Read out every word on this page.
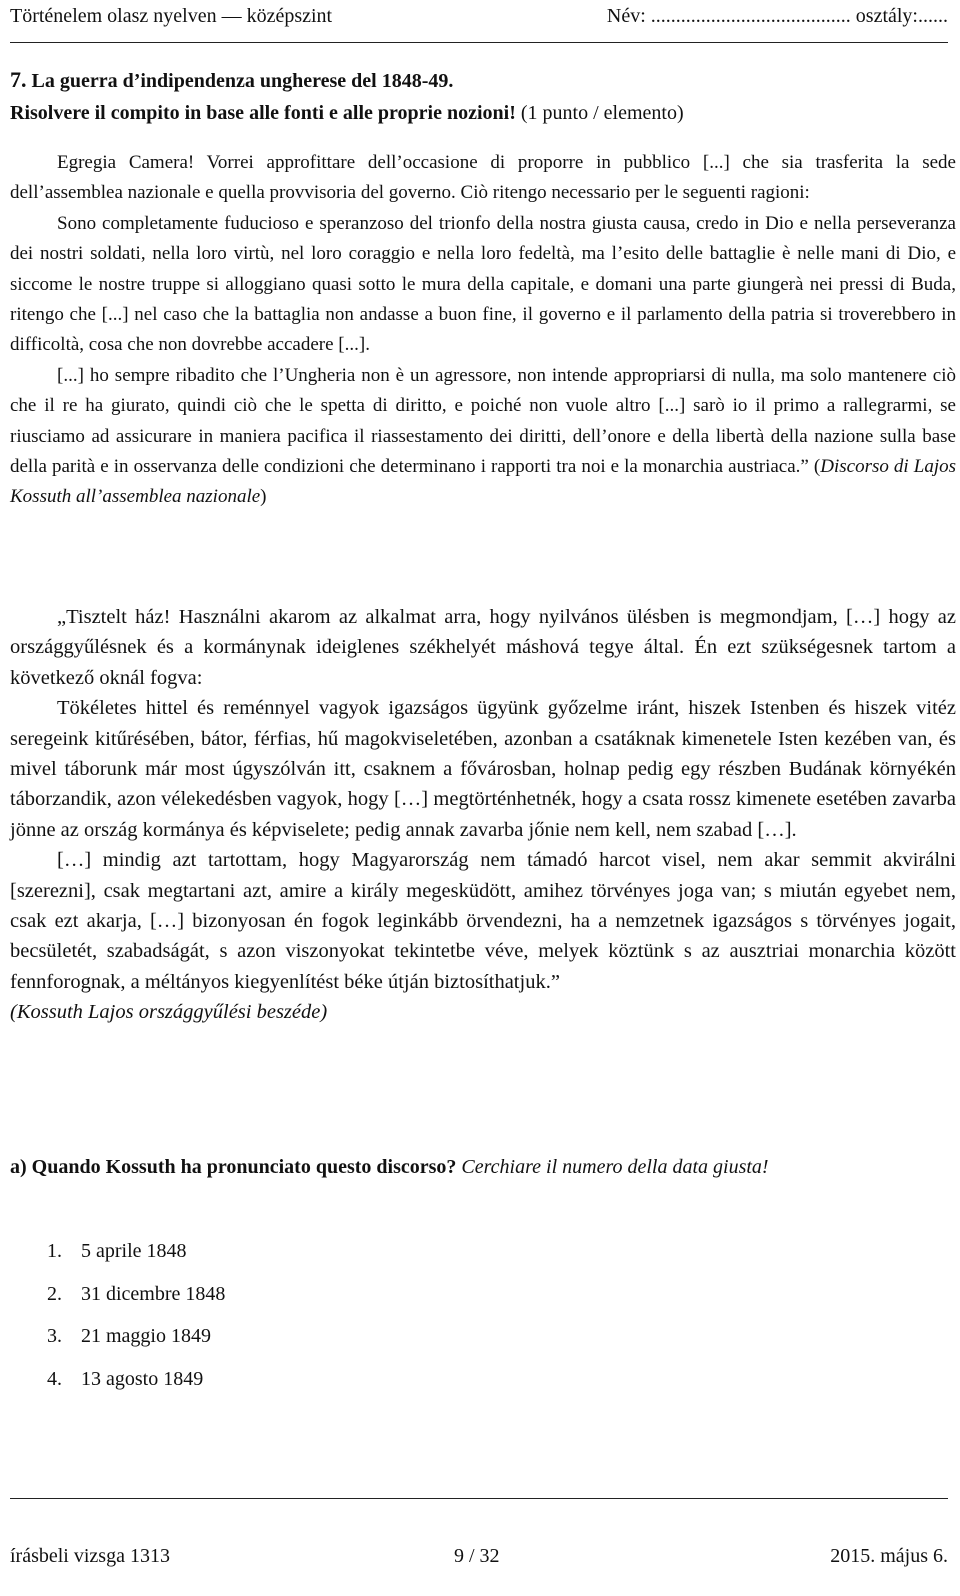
Történelem olasz nyelven — középszint	Név: ........................................ osztály:......
7. La guerra d’indipendenza ungherese del 1848-49.
Risolvere il compito in base alle fonti e alle proprie nozioni! (1 punto / elemento)

Egregia Camera! Vorrei approfittare dell’occasione di proporre in pubblico [...] che sia trasferita la sede dell’assemblea nazionale e quella provvisoria del governo. Ciò ritengo necessario per le seguenti ragioni:

Sono completamente fuducioso e speranzoso del trionfo della nostra giusta causa, credo in Dio e nella perseveranza dei nostri soldati, nella loro virtù, nel loro coraggio e nella loro fedeltà, ma l’esito delle battaglie è nelle mani di Dio, e siccome le nostre truppe si alloggiano quasi sotto le mura della capitale, e domani una parte giungerà nei pressi di Buda, ritengo che [...] nel caso che la battaglia non andasse a buon fine, il governo e il parlamento della patria si troverebbero in difficoltà, cosa che non dovrebbe accadere [...].

[...] ho sempre ribadito che l’Ungheria non è un agressore, non intende appropriarsi di nulla, ma solo mantenere ciò che il re ha giurato, quindi ciò che le spetta di diritto, e poiché non vuole altro [...] sarò io il primo a rallegrarmi, se riusciamo ad assicurare in maniera pacifica il riassestamento dei diritti, dell’onore e della libertà della nazione sulla base della parità e in osservanza delle condizioni che determinano i rapporti tra noi e la monarchia austriaca.” (Discorso di Lajos Kossuth all’assemblea nazionale)

„Tisztelt ház! Használni akarom az alkalmat arra, hogy nyilvános ülésben is megmondjam, […] hogy az országgyűlésnek és a kormánynak ideiglenes székhelyét máshová tegye által. Én ezt szükségesnek tartom a következő oknál fogva:

Tökéletes hittel és reménnyel vagyok igazságos ügyünk győzelme iránt, hiszek Istenben és hiszek vitéz seregeink kitűrésében, bátor, férfias, hű magokviseletében, azonban a csatáknak kimenetele Isten kezében van, és mivel táborunk már most úgyszólván itt, csaknem a fővárosban, holnap pedig egy részben Budának környékén táborzandik, azon vélekedésben vagyok, hogy […] megtörténhetnék, hogy a csata rossz kimenete esetében zavarba jönne az ország kormánya és képviselete; pedig annak zavarba jőnie nem kell, nem szabad […].

[…] mindig azt tartottam, hogy Magyarország nem támadó harcot visel, nem akar semmit akvirálni [szerezni], csak megtartani azt, amire a király megesküdött, amihez törvényes joga van; s miután egyebet nem, csak ezt akarja, […] bizonyosan én fogok leginkább örvendezni, ha a nemzetnek igazságos s törvényes jogait, becsületét, szabadságát, s azon viszonyokat tekintetbe véve, melyek köztünk s az ausztriai monarchia között fennforognak, a méltányos kiegyenlítést béke útján biztosíthatjuk.”

(Kossuth Lajos országgyűlési beszéde)

a) Quando Kossuth ha pronunciato questo discorso? Cerchiare il numero della data giusta!
1. 5 aprile 1848
2. 31 dicembre 1848
3. 21 maggio 1849
4. 13 agosto 1849
írásbeli vizsga 1313	9 / 32	2015. május 6.
